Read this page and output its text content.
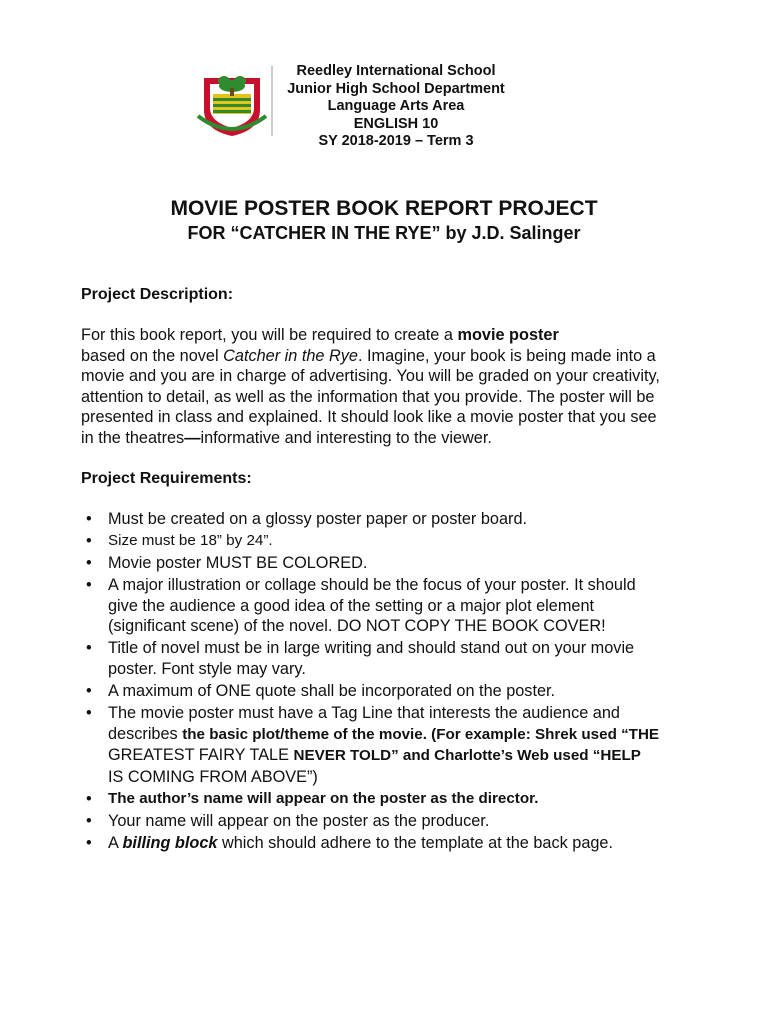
Reedley International School
Junior High School Department
Language Arts Area
ENGLISH 10
SY 2018-2019 – Term 3
MOVIE POSTER BOOK REPORT PROJECT
FOR “CATCHER IN THE RYE” by J.D. Salinger
Project Description:
For this book report, you will be required to create a movie poster
based on the novel Catcher in the Rye. Imagine, your book is being made into a
movie and you are in charge of advertising. You will be graded on your creativity,
attention to detail, as well as the information that you provide. The poster will be
presented in class and explained. It should look like a movie poster that you see
in the theatres—informative and interesting to the viewer.
Project Requirements:
• Must be created on a glossy poster paper or poster board.
• Size must be 18” by 24”.
• Movie poster MUST BE COLORED.
• A major illustration or collage should be the focus of your poster. It should
give the audience a good idea of the setting or a major plot element
(significant scene) of the novel. DO NOT COPY THE BOOK COVER!
• Title of novel must be in large writing and should stand out on your movie
poster. Font style may vary.
• A maximum of ONE quote shall be incorporated on the poster.
• The movie poster must have a Tag Line that interests the audience and
describes the basic plot/theme of the movie. (For example: Shrek used “THE
GREATEST FAIRY TALE NEVER TOLD” and Charlotte’s Web used “HELP
IS COMING FROM ABOVE”)
• The author’s name will appear on the poster as the director.
• Your name will appear on the poster as the producer.
• A billing block which should adhere to the template at the back page.
